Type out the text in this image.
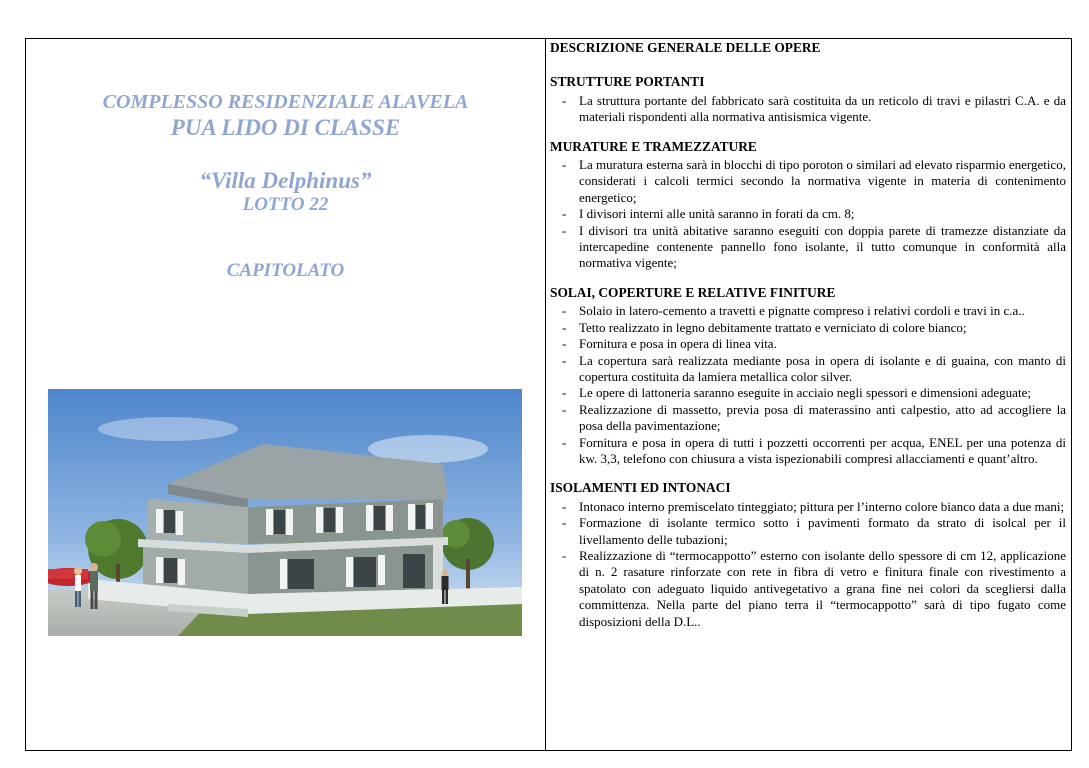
COMPLESSO RESIDENZIALE ALAVELA
PUA LIDO DI CLASSE
“Villa Delphinus”
LOTTO 22
CAPITOLATO
DESCRIZIONE GENERALE DELLE OPERE
STRUTTURE PORTANTI
- La struttura portante del fabbricato sarà costituita da un reticolo di travi e pilastri C.A. e da materiali rispondenti alla normativa antisismica vigente.
MURATURE E TRAMEZZATURE
- La muratura esterna sarà in blocchi di tipo poroton o similari ad elevato risparmio energetico, considerati i calcoli termici secondo la normativa vigente in materia di contenimento energetico;
- I divisori interni alle unità saranno in forati da cm. 8;
- I divisori tra unità abitative saranno eseguiti con doppia parete di tramezze distanziate da intercapedine contenente pannello fono isolante, il tutto comunque in conformità alla normativa vigente;
SOLAI, COPERTURE E RELATIVE FINITURE
- Solaio in latero-cemento a travetti e pignatte compreso i relativi cordoli e travi in c.a..
- Tetto realizzato in legno debitamente trattato e verniciato di colore bianco;
- Fornitura e posa in opera di linea vita.
- La copertura sarà realizzata mediante posa in opera di isolante e di guaina, con manto di copertura costituita da lamiera metallica color silver.
- Le opere di lattoneria saranno eseguite in acciaio negli spessori e dimensioni adeguate;
- Realizzazione di massetto, previa posa di materassino anti calpestio, atto ad accogliere la posa della pavimentazione;
- Fornitura e posa in opera di tutti i pozzetti occorrenti per acqua, ENEL per una potenza di kw. 3,3, telefono con chiusura a vista ispezionabili compresi allacciamenti e quant’altro.
ISOLAMENTI ED INTONACI
- Intonaco interno premiscelato tinteggiato; pittura per l’interno colore bianco data a due mani;
- Formazione di isolante termico sotto i pavimenti formato da strato di isolcal per il livellamento delle tubazioni;
- Realizzazione di “termocappotto” esterno con isolante dello spessore di cm 12, applicazione di n. 2 rasature rinforzate con rete in fibra di vetro e finitura finale con rivestimento a spatolato con adeguato liquido antivegetativo a grana fine nei colori da scegliersi dalla committenza. Nella parte del piano terra il “termocappotto” sarà di tipo fugato come disposizioni della D.L..
